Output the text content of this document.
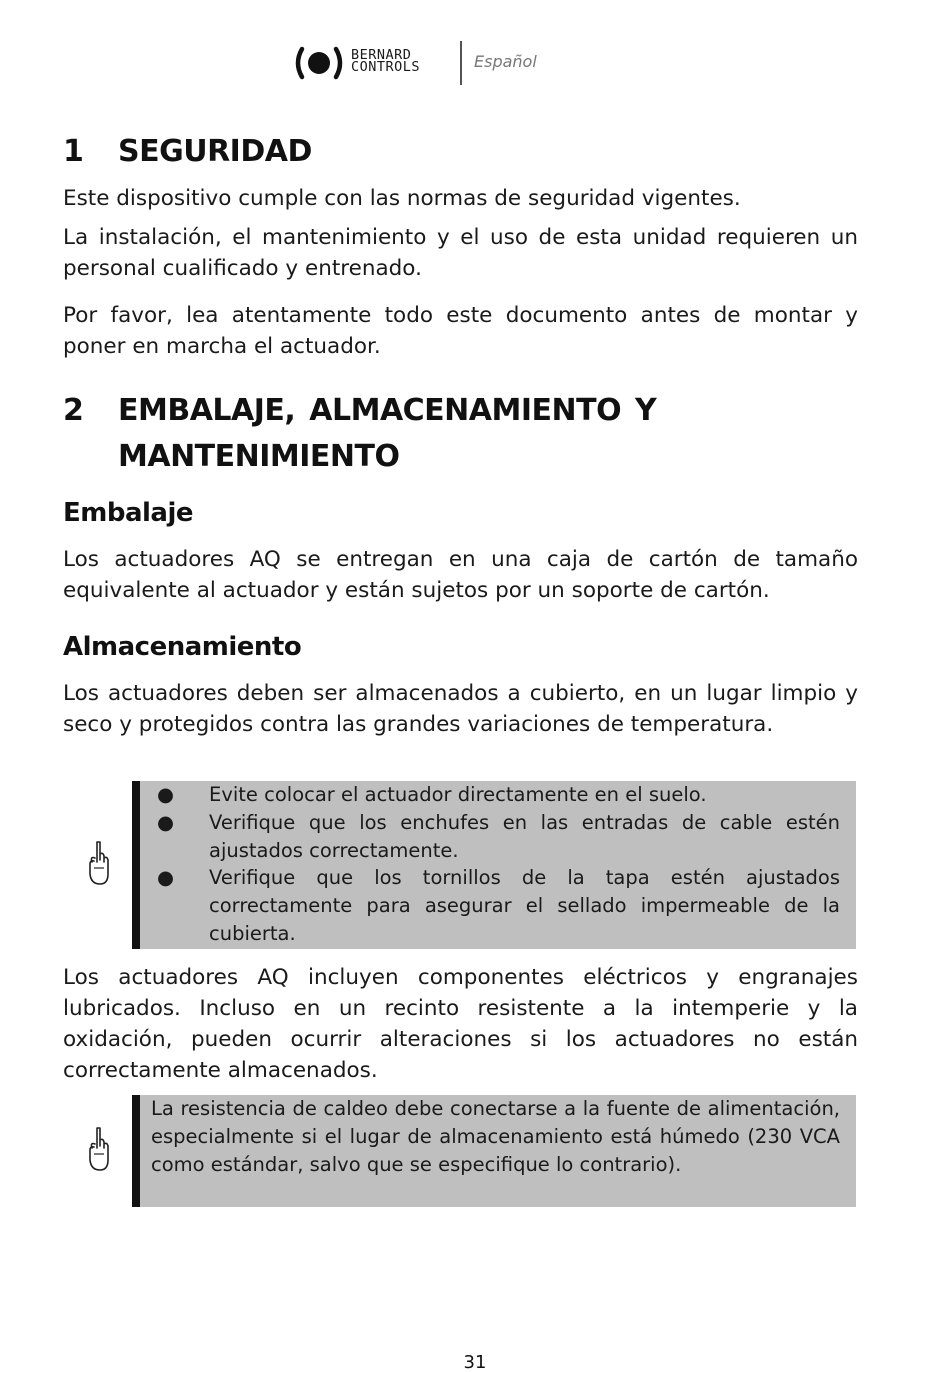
BERNARD
CONTROLS	Español
1 SEGURIDAD

Este dispositivo cumple con las normas de seguridad vigentes.

La instalación, el mantenimiento y el uso de esta unidad requieren un personal cualificado y entrenado.

Por favor, lea atentamente todo este documento antes de montar y poner en marcha el actuador.

2 EMBALAJE, ALMACENAMIENTO Y
MANTENIMIENTO
Embalaje

Los actuadores AQ se entregan en una caja de cartón de tamaño equivalente al actuador y están sujetos por un soporte de cartón.

Almacenamiento

Los actuadores deben ser almacenados a cubierto, en un lugar limpio y seco y protegidos contra las grandes variaciones de temperatura.

● Evite colocar el actuador directamente en el suelo.
● Verifique que los enchufes en las entradas de cable estén ajustados correctamente.
● Verifique que los tornillos de la tapa estén ajustados correctamente para asegurar el sellado impermeable de la cubierta.

Los actuadores AQ incluyen componentes eléctricos y engranajes lubricados. Incluso en un recinto resistente a la intemperie y la oxidación, pueden ocurrir alteraciones si los actuadores no están correctamente almacenados.

La resistencia de caldeo debe conectarse a la fuente de alimentación, especialmente si el lugar de almacenamiento está húmedo (230 VCA como estándar, salvo que se especifique lo contrario).
31
